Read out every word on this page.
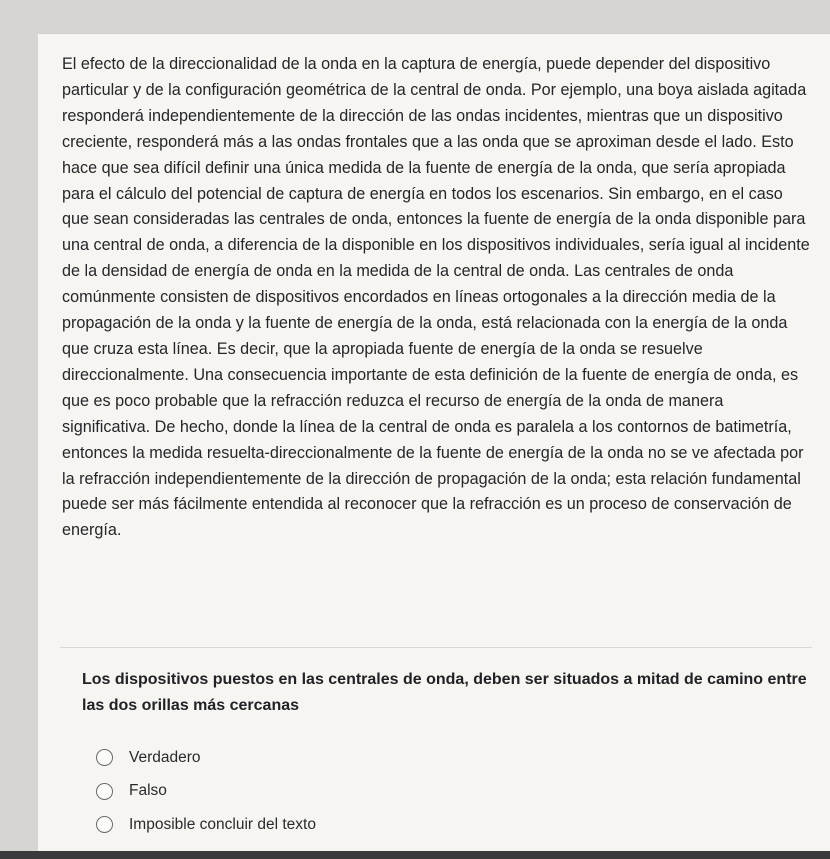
El efecto de la direccionalidad de la onda en la captura de energía, puede depender del dispositivo particular y de la configuración geométrica de la central de onda. Por ejemplo, una boya aislada agitada responderá independientemente de la dirección de las ondas incidentes, mientras que un dispositivo creciente, responderá más a las ondas frontales que a las onda que se aproximan desde el lado. Esto hace que sea difícil definir una única medida de la fuente de energía de la onda, que sería apropiada para el cálculo del potencial de captura de energía en todos los escenarios. Sin embargo, en el caso que sean consideradas las centrales de onda, entonces la fuente de energía de la onda disponible para una central de onda, a diferencia de la disponible en los dispositivos individuales, sería igual al incidente de la densidad de energía de onda en la medida de la central de onda. Las centrales de onda comúnmente consisten de dispositivos encordados en líneas ortogonales a la dirección media de la propagación de la onda y la fuente de energía de la onda, está relacionada con la energía de la onda que cruza esta línea. Es decir, que la apropiada fuente de energía de la onda se resuelve direccionalmente. Una consecuencia importante de esta definición de la fuente de energía de onda, es que es poco probable que la refracción reduzca el recurso de energía de la onda de manera significativa. De hecho, donde la línea de la central de onda es paralela a los contornos de batimetría, entonces la medida resuelta-direccionalmente de la fuente de energía de la onda no se ve afectada por la refracción independientemente de la dirección de propagación de la onda; esta relación fundamental puede ser más fácilmente entendida al reconocer que la refracción es un proceso de conservación de energía.

Los dispositivos puestos en las centrales de onda, deben ser situados a mitad de camino entre las dos orillas más cercanas

Verdadero
Falso
Imposible concluir del texto
